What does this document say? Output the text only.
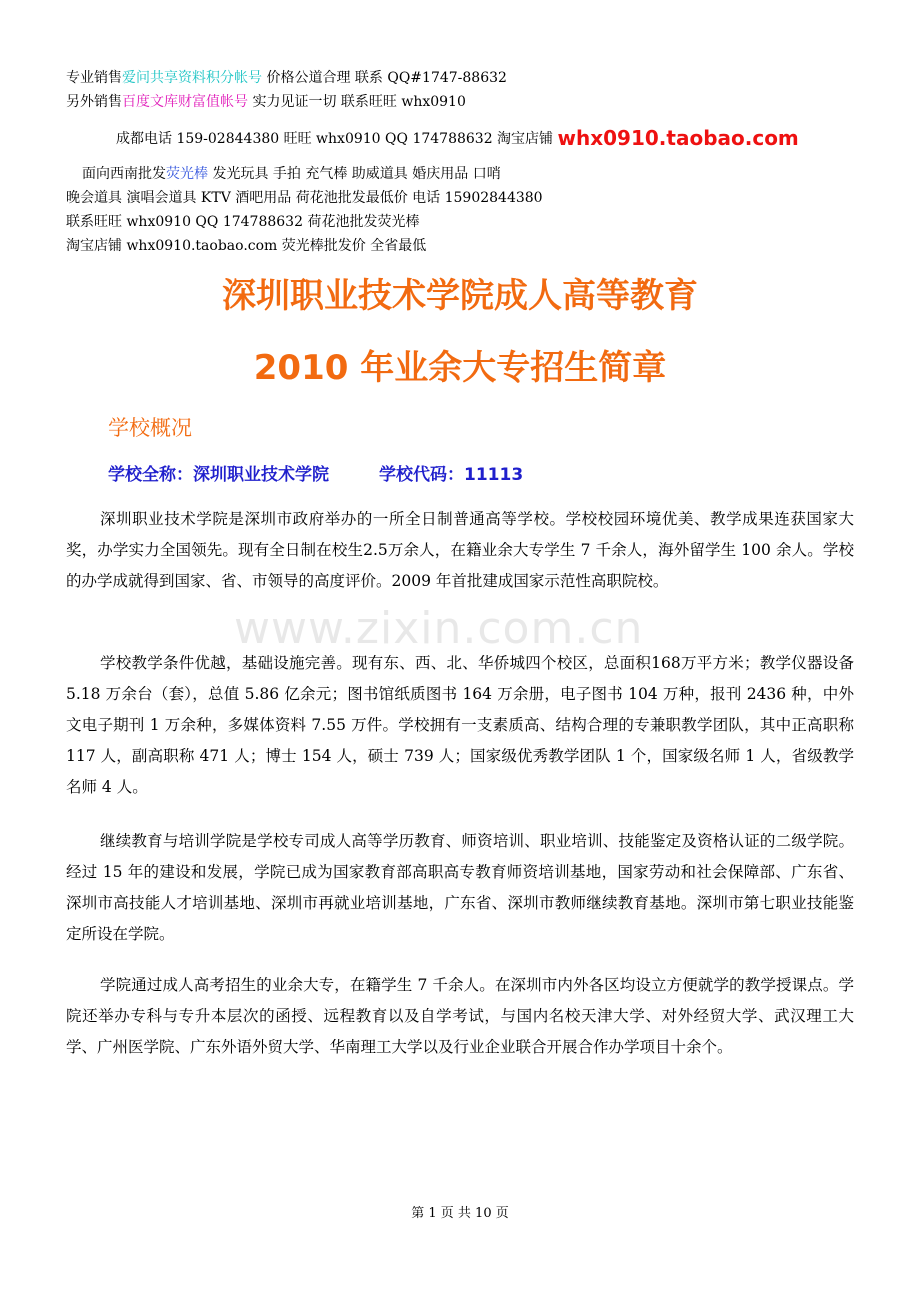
专业销售爱问共享资料积分帐号 价格公道合理 联系 QQ#1747-88632
另外销售百度文库财富值帐号 实力见证一切 联系旺旺 whx0910
成都电话 159-02844380 旺旺 whx0910 QQ 174788632 淘宝店铺 whx0910.taobao.com
面向西南批发荧光棒 发光玩具 手拍 充气棒 助威道具 婚庆用品 口哨
晚会道具 演唱会道具 KTV 酒吧用品 荷花池批发最低价 电话 15902844380
联系旺旺 whx0910 QQ 174788632 荷花池批发荧光棒
淘宝店铺 whx0910.taobao.com 荧光棒批发价 全省最低
深圳职业技术学院成人高等教育
2010 年业余大专招生简章
学校概况
学校全称：深圳职业技术学院	学校代码：11113
www.zixin.com.cn

深圳职业技术学院是深圳市政府举办的一所全日制普通高等学校。学校校园环境优美、教学成果连获国家大奖，办学实力全国领先。现有全日制在校生2.5万余人，在籍业余大专学生 7 千余人，海外留学生 100 余人。学校的办学成就得到国家、省、市领导的高度评价。2009 年首批建成国家示范性高职院校。

学校教学条件优越，基础设施完善。现有东、西、北、华侨城四个校区，总面积168万平方米；教学仪器设备 5.18 万余台（套），总值 5.86 亿余元；图书馆纸质图书 164 万余册，电子图书 104 万种，报刊 2436 种，中外文电子期刊 1 万余种，多媒体资料 7.55 万件。学校拥有一支素质高、结构合理的专兼职教学团队，其中正高职称 117 人，副高职称 471 人；博士 154 人，硕士 739 人；国家级优秀教学团队 1 个，国家级名师 1 人，省级教学名师 4 人。

继续教育与培训学院是学校专司成人高等学历教育、师资培训、职业培训、技能鉴定及资格认证的二级学院。经过 15 年的建设和发展，学院已成为国家教育部高职高专教育师资培训基地，国家劳动和社会保障部、广东省、深圳市高技能人才培训基地、深圳市再就业培训基地，广东省、深圳市教师继续教育基地。深圳市第七职业技能鉴定所设在学院。

学院通过成人高考招生的业余大专，在籍学生 7 千余人。在深圳市内外各区均设立方便就学的教学授课点。学院还举办专科与专升本层次的函授、远程教育以及自学考试，与国内名校天津大学、对外经贸大学、武汉理工大学、广州医学院、广东外语外贸大学、华南理工大学以及行业企业联合开展合作办学项目十余个。

第 1 页 共 10 页
